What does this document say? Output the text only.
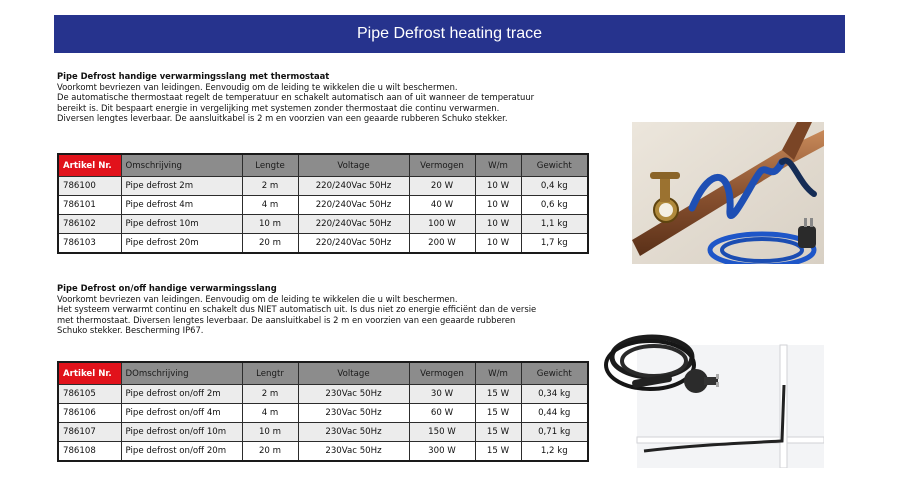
Pipe Defrost heating trace
Pipe Defrost handige verwarmingsslang met thermostaat
Voorkomt bevriezen van leidingen. Eenvoudig om de leiding te wikkelen die u wilt beschermen.
De automatische thermostaat regelt de temperatuur en schakelt automatisch aan of uit wanneer de temperatuur
bereikt is. Dit bespaart energie in vergelijking met systemen zonder thermostaat die continu verwarmen.
Diversen lengtes leverbaar. De aansluitkabel is 2 m en voorzien van een geaarde rubberen Schuko stekker.
Artikel Nr.	Omschrijving	Lengte	Voltage	Vermogen	W/m	Gewicht
786100	Pipe defrost 2m	2 m	220/240Vac 50Hz	20 W	10 W	0,4 kg
786101	Pipe defrost 4m	4 m	220/240Vac 50Hz	40 W	10 W	0,6 kg
786102	Pipe defrost 10m	10 m	220/240Vac 50Hz	100 W	10 W	1,1 kg
786103	Pipe defrost 20m	20 m	220/240Vac 50Hz	200 W	10 W	1,7 kg
Pipe Defrost on/off handige verwarmingsslang
Voorkomt bevriezen van leidingen. Eenvoudig om de leiding te wikkelen die u wilt beschermen.
Het systeem verwarmt continu en schakelt dus NIET automatisch uit. Is dus niet zo energie efficiënt dan de versie
met thermostaat. Diversen lengtes leverbaar. De aansluitkabel is 2 m en voorzien van een geaarde rubberen
Schuko stekker. Bescherming IP67.
Artikel Nr.	DOmschrijving	Lengtr	Voltage	Vermogen	W/m	Gewicht
786105	Pipe defrost on/off 2m	2 m	230Vac 50Hz	30 W	15 W	0,34 kg
786106	Pipe defrost on/off 4m	4 m	230Vac 50Hz	60 W	15 W	0,44 kg
786107	Pipe defrost on/off 10m	10 m	230Vac 50Hz	150 W	15 W	0,71 kg
786108	Pipe defrost on/off 20m	20 m	230Vac 50Hz	300 W	15 W	1,2 kg
